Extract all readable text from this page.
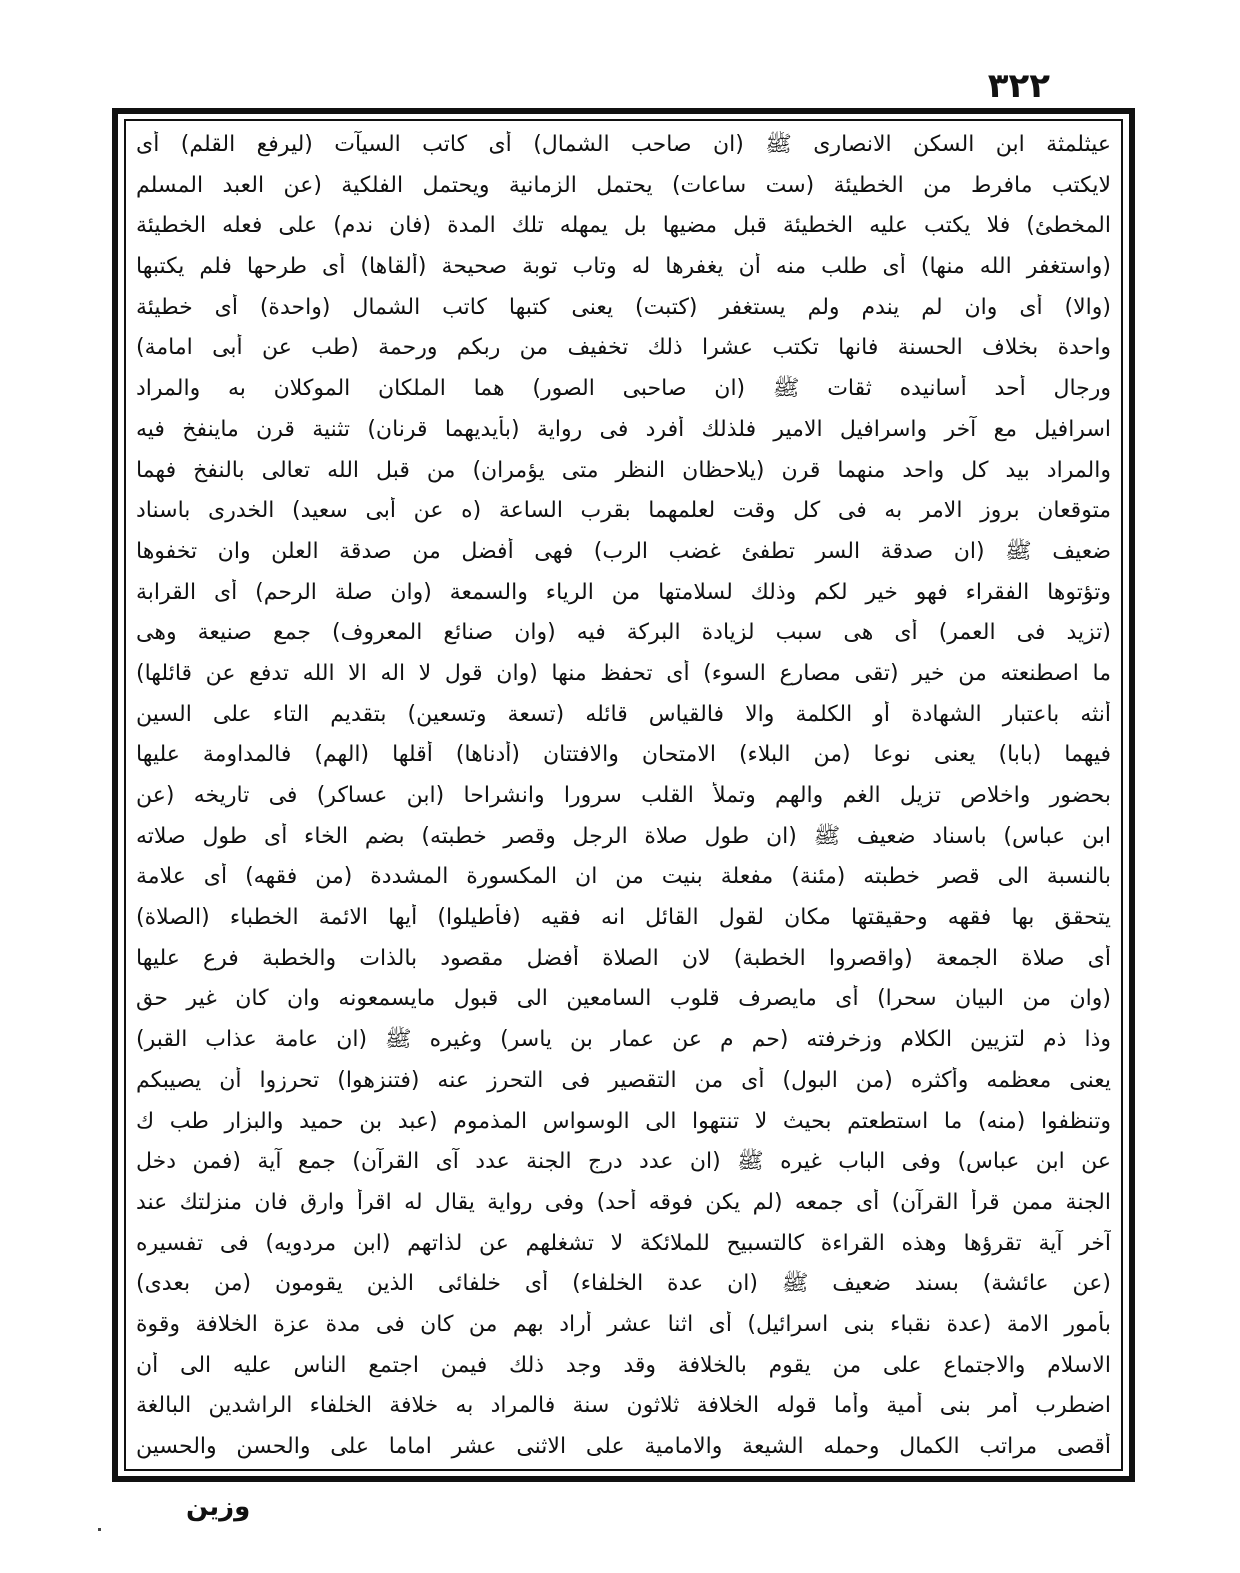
٣٢٢
عيثلمثة ابن السكن الانصارى ﷺ (ان صاحب الشمال) أى كاتب السيآت (ليرفع القلم) أى
لايكتب مافرط من الخطيئة (ست ساعات) يحتمل الزمانية ويحتمل الفلكية (عن العبد المسلم
المخطئ) فلا يكتب عليه الخطيئة قبل مضيها بل يمهله تلك المدة (فان ندم) على فعله الخطيئة
(واستغفر الله منها) أى طلب منه أن يغفرها له وتاب توبة صحيحة (ألقاها) أى طرحها فلم يكتبها
(والا) أى وان لم يندم ولم يستغفر (كتبت) يعنى كتبها كاتب الشمال (واحدة) أى خطيئة
واحدة بخلاف الحسنة فانها تكتب عشرا ذلك تخفيف من ربكم ورحمة (طب عن أبى امامة)
ورجال أحد أسانيده ثقات ﷺ (ان صاحبى الصور) هما الملكان الموكلان به والمراد
اسرافيل مع آخر واسرافيل الامير فلذلك أفرد فى رواية (بأيديهما قرنان) تثنية قرن ماينفخ فيه
والمراد بيد كل واحد منهما قرن (يلاحظان النظر متى يؤمران) من قبل الله تعالى بالنفخ فهما
متوقعان بروز الامر به فى كل وقت لعلمهما بقرب الساعة (ه عن أبى سعيد) الخدرى باسناد
ضعيف ﷺ (ان صدقة السر تطفئ غضب الرب) فهى أفضل من صدقة العلن وان تخفوها
وتؤتوها الفقراء فهو خير لكم وذلك لسلامتها من الرياء والسمعة (وان صلة الرحم) أى القرابة
(تزيد فى العمر) أى هى سبب لزيادة البركة فيه (وان صنائع المعروف) جمع صنيعة وهى
ما اصطنعته من خير (تقى مصارع السوء) أى تحفظ منها (وان قول لا اله الا الله تدفع عن قائلها)
أنثه باعتبار الشهادة أو الكلمة والا فالقياس قائله (تسعة وتسعين) بتقديم التاء على السين
فيهما (بابا) يعنى نوعا (من البلاء) الامتحان والافتتان (أدناها) أقلها (الهم) فالمداومة عليها
بحضور واخلاص تزيل الغم والهم وتملأ القلب سرورا وانشراحا (ابن عساكر) فى تاريخه (عن
ابن عباس) باسناد ضعيف ﷺ (ان طول صلاة الرجل وقصر خطبته) بضم الخاء أى طول صلاته
بالنسبة الى قصر خطبته (مئنة) مفعلة بنيت من ان المكسورة المشددة (من فقهه) أى علامة
يتحقق بها فقهه وحقيقتها مكان لقول القائل انه فقيه (فأطيلوا) أيها الائمة الخطباء (الصلاة)
أى صلاة الجمعة (واقصروا الخطبة) لان الصلاة أفضل مقصود بالذات والخطبة فرع عليها
(وان من البيان سحرا) أى مايصرف قلوب السامعين الى قبول مايسمعونه وان كان غير حق
وذا ذم لتزيين الكلام وزخرفته (حم م عن عمار بن ياسر) وغيره ﷺ (ان عامة عذاب القبر)
يعنى معظمه وأكثره (من البول) أى من التقصير فى التحرز عنه (فتنزهوا) تحرزوا أن يصيبكم
وتنظفوا (منه) ما استطعتم بحيث لا تنتهوا الى الوسواس المذموم (عبد بن حميد والبزار طب ك
عن ابن عباس) وفى الباب غيره ﷺ (ان عدد درج الجنة عدد آى القرآن) جمع آية (فمن دخل
الجنة ممن قرأ القرآن) أى جمعه (لم يكن فوقه أحد) وفى رواية يقال له اقرأ وارق فان منزلتك عند
آخر آية تقرؤها وهذه القراءة كالتسبيح للملائكة لا تشغلهم عن لذاتهم (ابن مردويه) فى تفسيره
(عن عائشة) بسند ضعيف ﷺ (ان عدة الخلفاء) أى خلفائى الذين يقومون (من بعدى)
بأمور الامة (عدة نقباء بنى اسرائيل) أى اثنا عشر أراد بهم من كان فى مدة عزة الخلافة وقوة
الاسلام والاجتماع على من يقوم بالخلافة وقد وجد ذلك فيمن اجتمع الناس عليه الى أن
اضطرب أمر بنى أمية وأما قوله الخلافة ثلاثون سنة فالمراد به خلافة الخلفاء الراشدين البالغة
أقصى مراتب الكمال وحمله الشيعة والامامية على الاثنى عشر اماما على والحسن والحسين
وزين
